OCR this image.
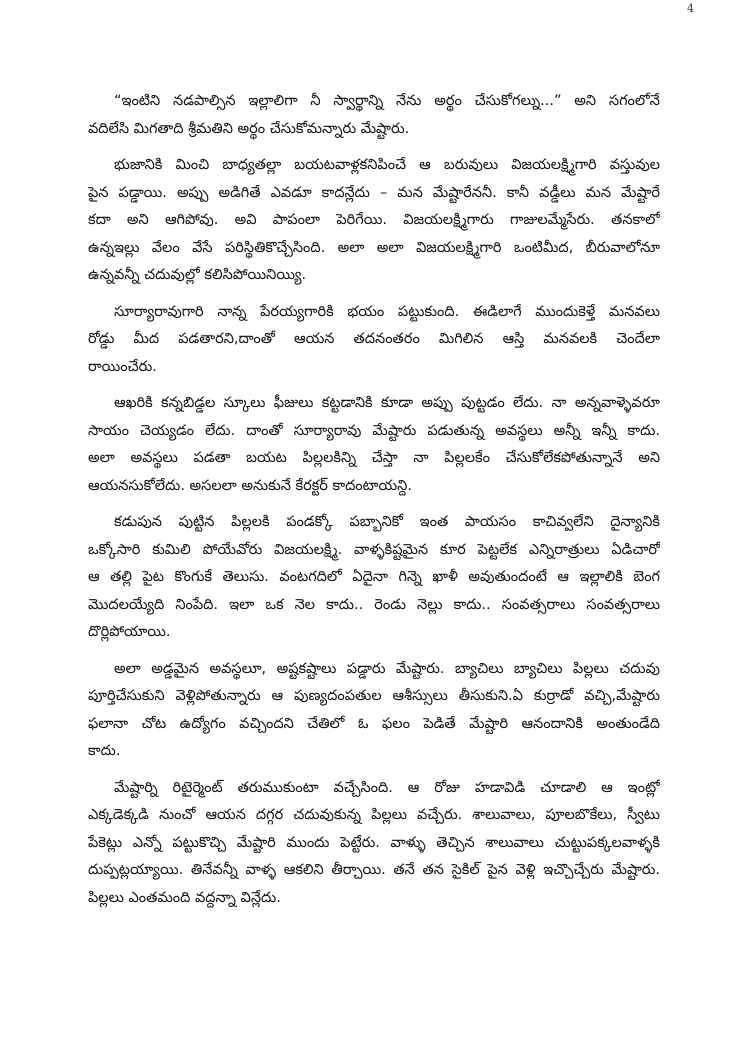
4
“ఇంటిని నడపాల్సిన ఇల్లాలిగా నీ స్వార్థాన్ని నేను అర్థం చేసుకోగల్ను...” అని సగంలోనే
వదిలేసి మిగతాది శ్రీమతిని అర్థం చేసుకోమన్నారు మేష్టారు.
భుజానికి మించి బాధ్యతల్లా బయటవాళ్లకనిపించే ఆ బరువులు విజయలక్ష్మిగారి వస్తువుల
పైన పడ్డాయి. అప్పు అడిగితే ఎవడూ కాదన్లేదు – మన మేష్టారేననీ. కానీ వడ్డీలు మన మేష్టారే
కదా అని ఆగిపోవు. అవి పాపంలా పెరిగేయి. విజయలక్ష్మిగారు గాజులమ్మేసేరు. తనకాలో
ఉన్నఇల్లు వేలం వేసే పరిస్థితికొచ్చేసింది. అలా అలా విజయలక్ష్మిగారి ఒంటిమీద, బీరువాలోనూ
ఉన్నవన్నీ చదువుల్లో కలిసిపోయినియ్యి.
సూర్యారావుగారి నాన్న పేరయ్యగారికి భయం పట్టుకుంది. ఈడిలాగే ముందుకెళ్తే మనవలు
రోడ్డు మీద పడతారని,దాంతో ఆయన తదనంతరం మిగిలిన ఆస్తి మనవలకి చెందేలా
రాయించేరు.
ఆఖరికి కన్నబిడ్డల స్కూలు ఫీజులు కట్టడానికి కూడా అప్పు పుట్టడం లేదు. నా అన్నవాళ్ళెవరూ
సాయం చెయ్యడం లేదు. దాంతో సూర్యారావు మేష్టారు పడుతున్న అవస్థలు అన్నీ ఇన్నీ కాదు.
అలా అవస్థలు పడతా బయట పిల్లలకిన్ని చేస్తా నా పిల్లలకేం చేసుకోలేకపోతున్నానే అని
ఆయనసుకోలేదు. అసలలా అనుకునే కేరక్టర్ కాదంటాయన్ది.
కడుపున పుట్టిన పిల్లలకి పండక్కో పబ్బానికో ఇంత పాయసం కాచివ్వలేని దైన్యానికి
ఒక్కోసారి కుమిలి పోయేవోరు విజయలక్ష్మి. వాళ్ళకిష్టమైన కూర పెట్టలేక ఎన్నిరాత్రులు ఏడిచారో
ఆ తల్లి పైట కొంగుకే తెలుసు. వంటగదిలో ఏదైనా గిన్నె ఖాళీ అవుతుందంటే ఆ ఇల్లాలికి బెంగ
మొదలయ్యేది నింపేది. ఇలా ఒక నెల కాదు.. రెండు నెల్లు కాదు.. సంవత్సరాలు సంవత్సరాలు
దొర్లిపోయాయి.
అలా అడ్డమైన అవస్థలూ, అష్టకష్టాలు పడ్డారు మేష్టారు. బ్యాచిలు బ్యాచిలు పిల్లలు చదువు
పూర్తిచేసుకుని వెళ్లిపోతున్నారు ఆ పుణ్యదంపతుల ఆశీస్సులు తీసుకుని.ఏ కుర్రాడో వచ్చి,మేష్టారు
ఫలానా చోట ఉద్యోగం వచ్చిందని చేతిలో ఓ ఫలం పెడితే మేష్టారి ఆనందానికి అంతుండేది
కాదు.
మేష్టార్ని రిటైర్మెంట్ తరుముకుంటా వచ్చేసింది. ఆ రోజు హడావిడి చూడాలి ఆ ఇంట్లో
ఎక్కడెక్కడి నుంచో ఆయన దగ్గర చదువుకున్న పిల్లలు వచ్చేరు. శాలువాలు, పూలబొకేలు, స్వీటు
పేకెట్లు ఎన్నో పట్టుకొచ్చి మేష్టారి ముందు పెట్టేరు. వాళ్ళు తెచ్చిన శాలువాలు చుట్టుపక్కలవాళ్ళకి
దుప్పట్లయ్యాయి. తినేవన్నీ వాళ్ళ ఆకలిని తీర్చాయి. తనే తన సైకిల్ పైన వెళ్లి ఇచ్చొచ్చేరు మేష్టారు.
పిల్లలు ఎంతమంది వద్దన్నా విన్లేదు.
